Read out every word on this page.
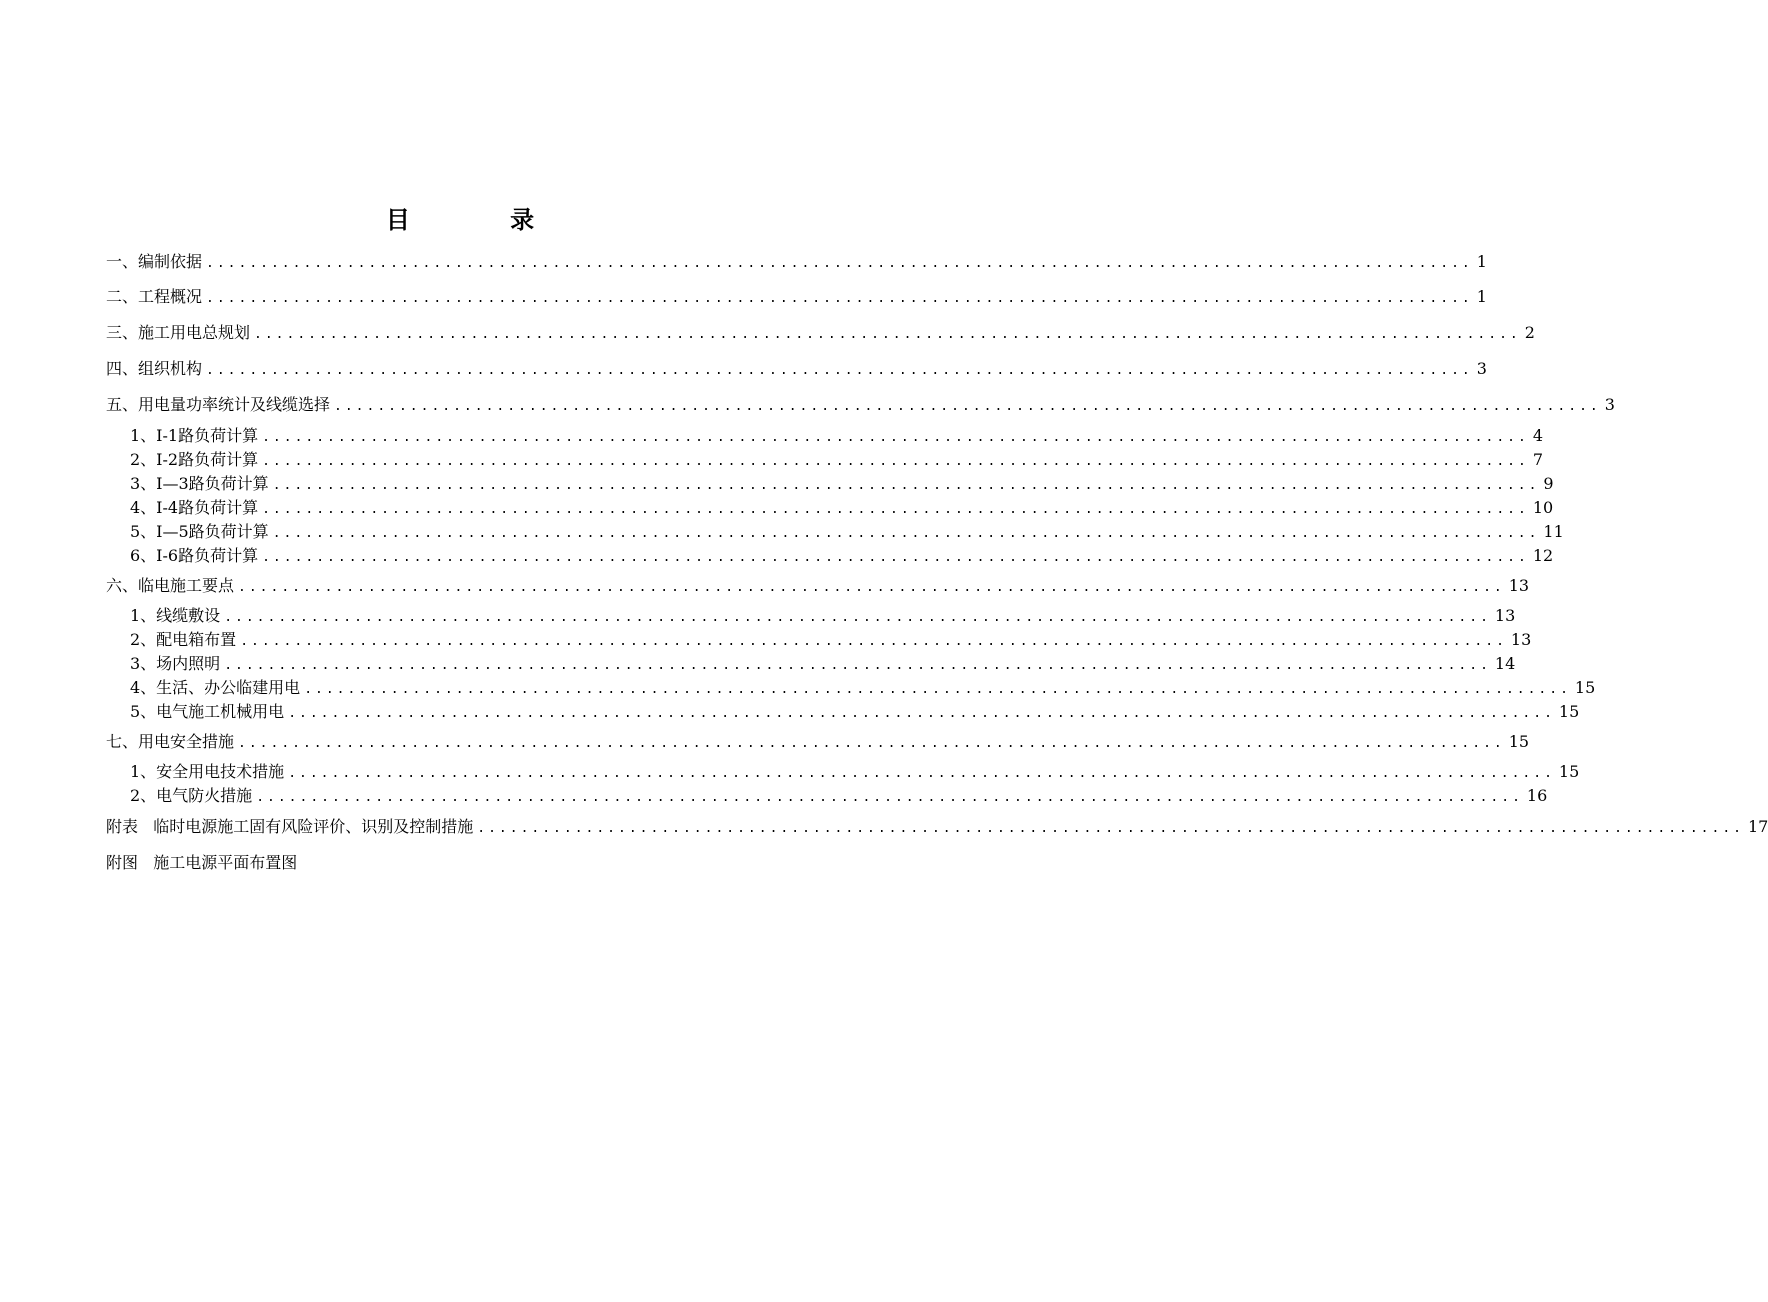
目 录
一、编制依据 ..................................................................................................................... 1
二、工程概况 ..................................................................................................................... 1
三、施工用电总规划 ..................................................................................................................... 2
四、组织机构 ..................................................................................................................... 3
五、用电量功率统计及线缆选择 ..................................................................................................................... 3
1、Ⅰ-1路负荷计算 ..................................................................................................................... 4
2、Ⅰ-2路负荷计算 ..................................................................................................................... 7
3、Ⅰ—3路负荷计算 ..................................................................................................................... 9
4、Ⅰ-4路负荷计算 ..................................................................................................................... 10
5、Ⅰ—5路负荷计算 ..................................................................................................................... 11
6、Ⅰ-6路负荷计算 ..................................................................................................................... 12
六、临电施工要点 ..................................................................................................................... 13
1、线缆敷设 ..................................................................................................................... 13
2、配电箱布置 ..................................................................................................................... 13
3、场内照明 ..................................................................................................................... 14
4、生活、办公临建用电 ..................................................................................................................... 15
5、电气施工机械用电 ..................................................................................................................... 15
七、用电安全措施 ..................................................................................................................... 15
1、安全用电技术措施 ..................................................................................................................... 15
2、电气防火措施 ..................................................................................................................... 16
附表   临时电源施工固有风险评价、识别及控制措施 ..................................................................................................................... 17
附图   施工电源平面布置图
